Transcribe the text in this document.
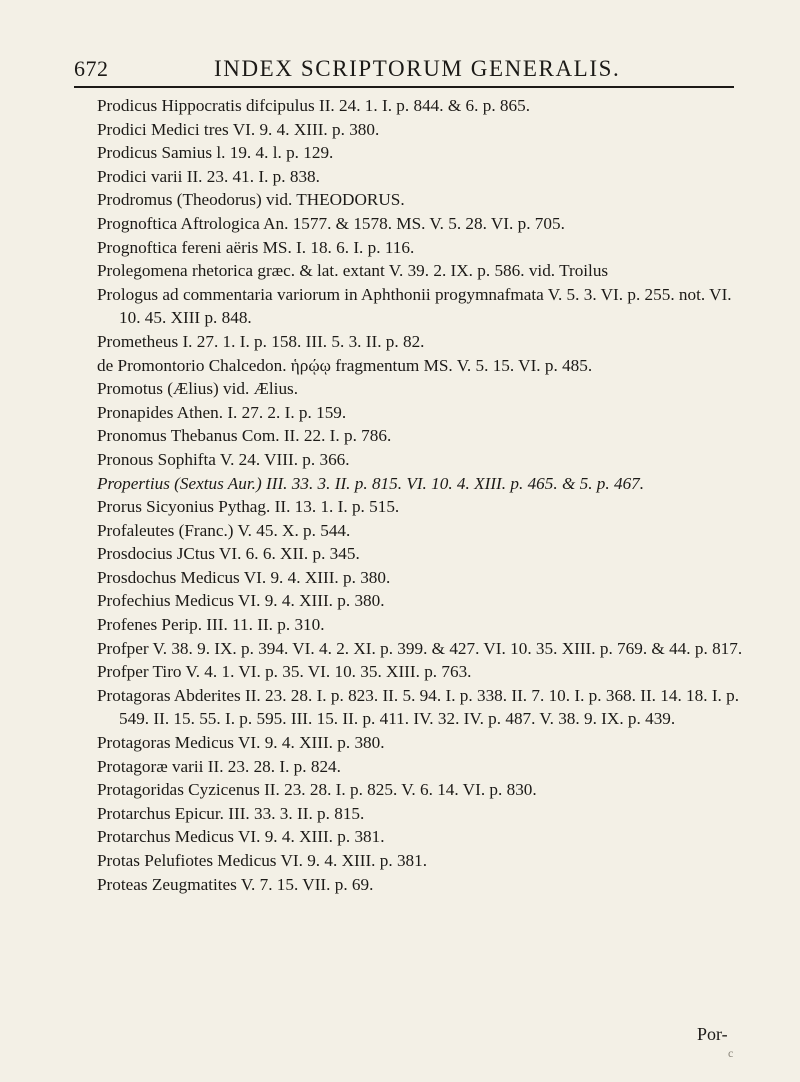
672	INDEX SCRIPTORUM GENERALIS.
Prodicus Hippocratis difcipulus II. 24. 1. I. p. 844. & 6. p. 865.
Prodici Medici tres VI. 9. 4. XIII. p. 380.
Prodicus Samius l. 19. 4. l. p. 129.
Prodici varii II. 23. 41. I. p. 838.
Prodromus (Theodorus) vid. THEODORUS.
Prognoftica Aftrologica An. 1577. & 1578. MS. V. 5. 28. VI. p. 705.
Prognoftica fereni aëris MS. I. 18. 6. I. p. 116.
Prolegomena rhetorica græc. & lat. extant V. 39. 2. IX. p. 586. vid. Troilus
Prologus ad commentaria variorum in Aphthonii progymnafmata V. 5. 3. VI. p. 255. not. VI. 10. 45. XIII p. 848.
Prometheus I. 27. 1. I. p. 158. III. 5. 3. II. p. 82.
de Promontorio Chalcedon. ἡρῴῳ fragmentum MS. V. 5. 15. VI. p. 485.
Promotus (Ælius) vid. Ælius.
Pronapides Athen. I. 27. 2. I. p. 159.
Pronomus Thebanus Com. II. 22. I. p. 786.
Pronous Sophifta V. 24. VIII. p. 366.
Propertius (Sextus Aur.) III. 33. 3. II. p. 815. VI. 10. 4. XIII. p. 465. & 5. p. 467.
Prorus Sicyonius Pythag. II. 13. 1. I. p. 515.
Profaleutes (Franc.) V. 45. X. p. 544.
Prosdocius JCtus VI. 6. 6. XII. p. 345.
Prosdochus Medicus VI. 9. 4. XIII. p. 380.
Profechius Medicus VI. 9. 4. XIII. p. 380.
Profenes Perip. III. 11. II. p. 310.
Profper V. 38. 9. IX. p. 394. VI. 4. 2. XI. p. 399. & 427. VI. 10. 35. XIII. p. 769. & 44. p. 817.
Profper Tiro V. 4. 1. VI. p. 35. VI. 10. 35. XIII. p. 763.
Protagoras Abderites II. 23. 28. I. p. 823. II. 5. 94. I. p. 338. II. 7. 10. I. p. 368. II. 14. 18. I. p. 549. II. 15. 55. I. p. 595. III. 15. II. p. 411. IV. 32. IV. p. 487. V. 38. 9. IX. p. 439.
Protagoras Medicus VI. 9. 4. XIII. p. 380.
Protagoræ varii II. 23. 28. I. p. 824.
Protagoridas Cyzicenus II. 23. 28. I. p. 825. V. 6. 14. VI. p. 830.
Protarchus Epicur. III. 33. 3. II. p. 815.
Protarchus Medicus VI. 9. 4. XIII. p. 381.
Protas Pelufiotes Medicus VI. 9. 4. XIII. p. 381.
Proteas Zeugmatites V. 7. 15. VII. p. 69.
Por-
c
